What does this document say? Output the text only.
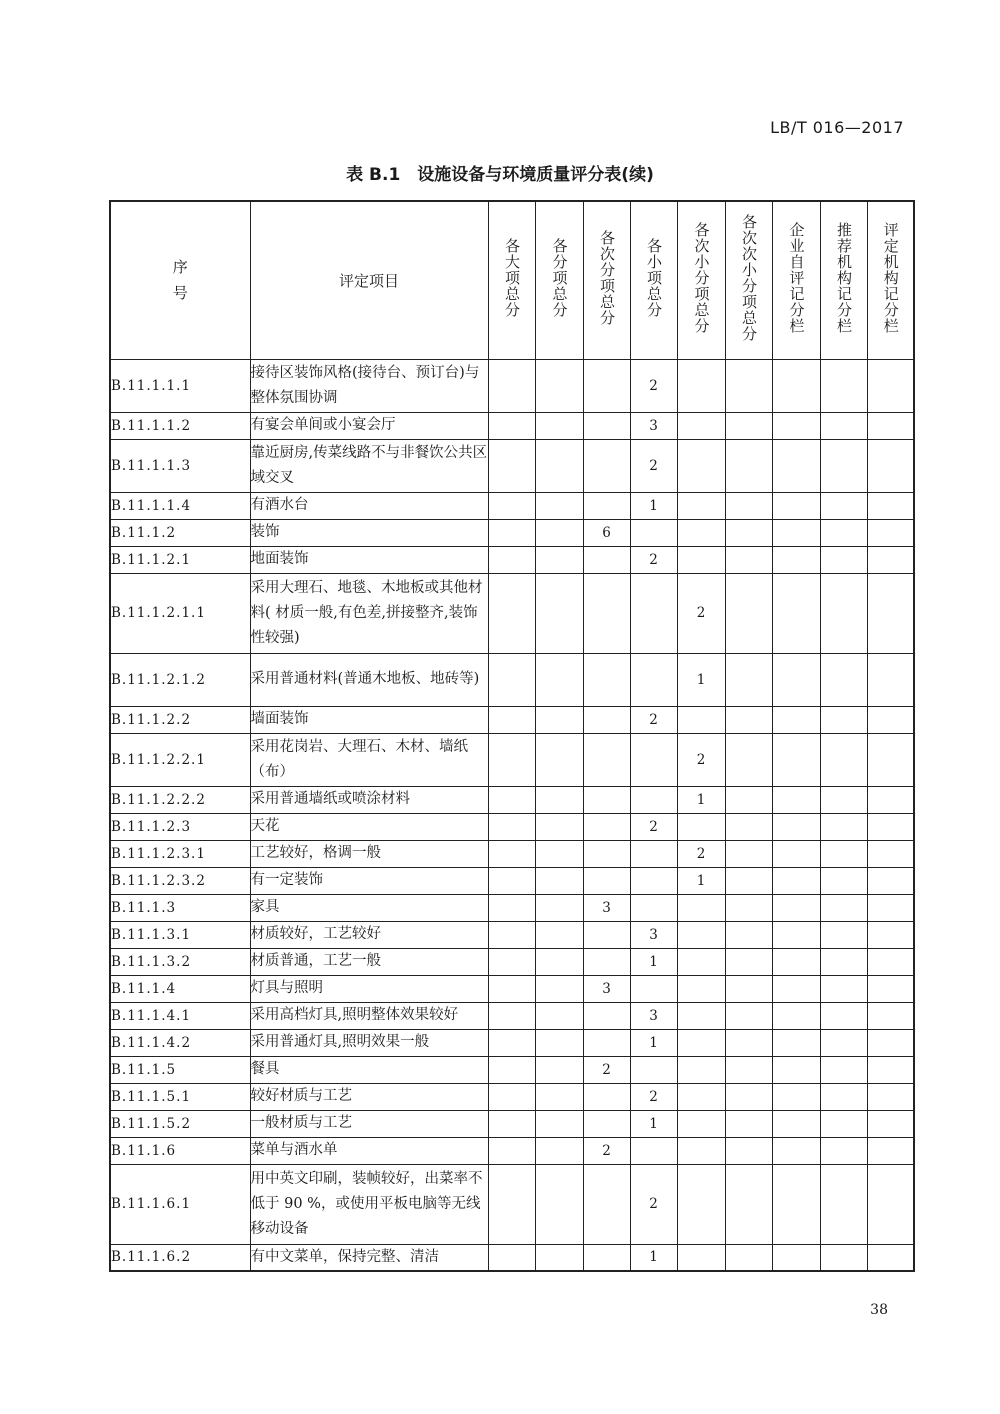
LB/T 016—2017
表 B.1　设施设备与环境质量评分表(续)
序
号	评定项目	各大项总分	各分项总分	各次分项总分	各小项总分	各次小分项总分	各次次小分项总分	企业自评记分栏	推荐机构记分栏	评定机构记分栏
B.11.1.1.1	接待区装饰风格(接待台、预订台)与整体氛围协调				2					
B.11.1.1.2	有宴会单间或小宴会厅				3					
B.11.1.1.3	靠近厨房,传菜线路不与非餐饮公共区域交叉				2					
B.11.1.1.4	有酒水台				1					
B.11.1.2	装饰			6						
B.11.1.2.1	地面装饰				2					
B.11.1.2.1.1	采用大理石、地毯、木地板或其他材料( 材质一般,有色差,拼接整齐,装饰性较强)					2				
B.11.1.2.1.2	采用普通材料(普通木地板、地砖等)					1				
B.11.1.2.2	墙面装饰				2					
B.11.1.2.2.1	采用花岗岩、大理石、木材、墙纸（布）					2				
B.11.1.2.2.2	采用普通墙纸或喷涂材料					1				
B.11.1.2.3	天花				2					
B.11.1.2.3.1	工艺较好，格调一般					2				
B.11.1.2.3.2	有一定装饰					1				
B.11.1.3	家具			3						
B.11.1.3.1	材质较好，工艺较好				3					
B.11.1.3.2	材质普通，工艺一般				1					
B.11.1.4	灯具与照明			3						
B.11.1.4.1	采用高档灯具,照明整体效果较好				3					
B.11.1.4.2	采用普通灯具,照明效果一般				1					
B.11.1.5	餐具			2						
B.11.1.5.1	较好材质与工艺				2					
B.11.1.5.2	一般材质与工艺				1					
B.11.1.6	菜单与酒水单			2						
B.11.1.6.1	用中英文印刷，装帧较好，出菜率不低于 90 %，或使用平板电脑等无线移动设备				2					
B.11.1.6.2	有中文菜单，保持完整、清洁				1					
38
